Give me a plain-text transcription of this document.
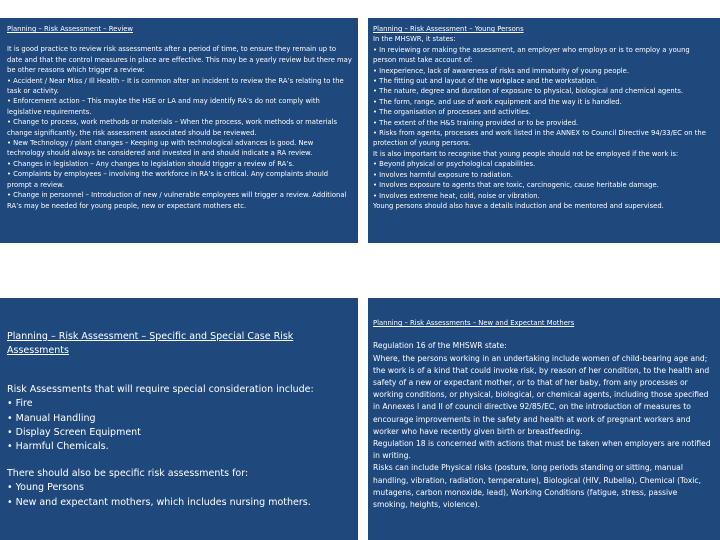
Planning – Risk Assessment – Review

It is good practice to review risk assessments after a period of time, to ensure they remain up to date and that the control measures in place are effective. This may be a yearly review but there may be other reasons which trigger a review:

• Accident / Near Miss / Ill Health – It is common after an incident to review the RA’s relating to the task or activity.

• Enforcement action – This maybe the HSE or LA and may identify RA’s do not comply with legislative requirements.

• Change to process, work methods or materials – When the process, work methods or materials change significantly, the risk assessment associated should be reviewed.

• New Technology / plant changes – Keeping up with technological advances is good. New technology should always be considered and invested in and should indicate a RA review.

• Changes in legislation – Any changes to legislation should trigger a review of RA’s.

• Complaints by employees – involving the workforce in RA’s is critical. Any complaints should prompt a review.

• Change in personnel – Introduction of new / vulnerable employees will trigger a review. Additional RA’s may be needed for young people, new or expectant mothers etc.

Planning – Risk Assessment – Young Persons

In the MHSWR, it states:

• In reviewing or making the assessment, an employer who employs or is to employ a young person must take account of:

• Inexperience, lack of awareness of risks and immaturity of young people.

• The fitting out and layout of the workplace and the workstation.

• The nature, degree and duration of exposure to physical, biological and chemical agents.

• The form, range, and use of work equipment and the way it is handled.

• The organisation of processes and activities.

• The extent of the H&S training provided or to be provided.

• Risks from agents, processes and work listed in the ANNEX to Council Directive 94/33/EC on the protection of young persons.

It is also important to recognise that young people should not be employed if the work is:

• Beyond physical or psychological capabilities.

• Involves harmful exposure to radiation.

• Involves exposure to agents that are toxic, carcinogenic, cause heritable damage.

• Involves extreme heat, cold, noise or vibration.

Young persons should also have a details induction and be mentored and supervised.

Planning – Risk Assessment – Specific and Special Case Risk Assessments

Risk Assessments that will require special consideration include:

• Fire

• Manual Handling

• Display Screen Equipment

• Harmful Chemicals.

There should also be specific risk assessments for:

• Young Persons

• New and expectant mothers, which includes nursing mothers.

Planning – Risk Assessments – New and Expectant Mothers

Regulation 16 of the MHSWR state:

Where, the persons working in an undertaking include women of child-bearing age and; the work is of a kind that could invoke risk, by reason of her condition, to the health and safety of a new or expectant mother, or to that of her baby, from any processes or working conditions, or physical, biological, or chemical agents, including those specified in Annexes I and II of council directive 92/85/EC, on the introduction of measures to encourage improvements in the safety and health at work of pregnant workers and worker who have recently given birth or breastfeeding.

Regulation 18 is concerned with actions that must be taken when employers are notified in writing.

Risks can include Physical risks (posture, long periods standing or sitting, manual handling, vibration, radiation, temperature), Biological (HIV, Rubella), Chemical (Toxic, mutagens, carbon monoxide, lead), Working Conditions (fatigue, stress, passive smoking, heights, violence).
